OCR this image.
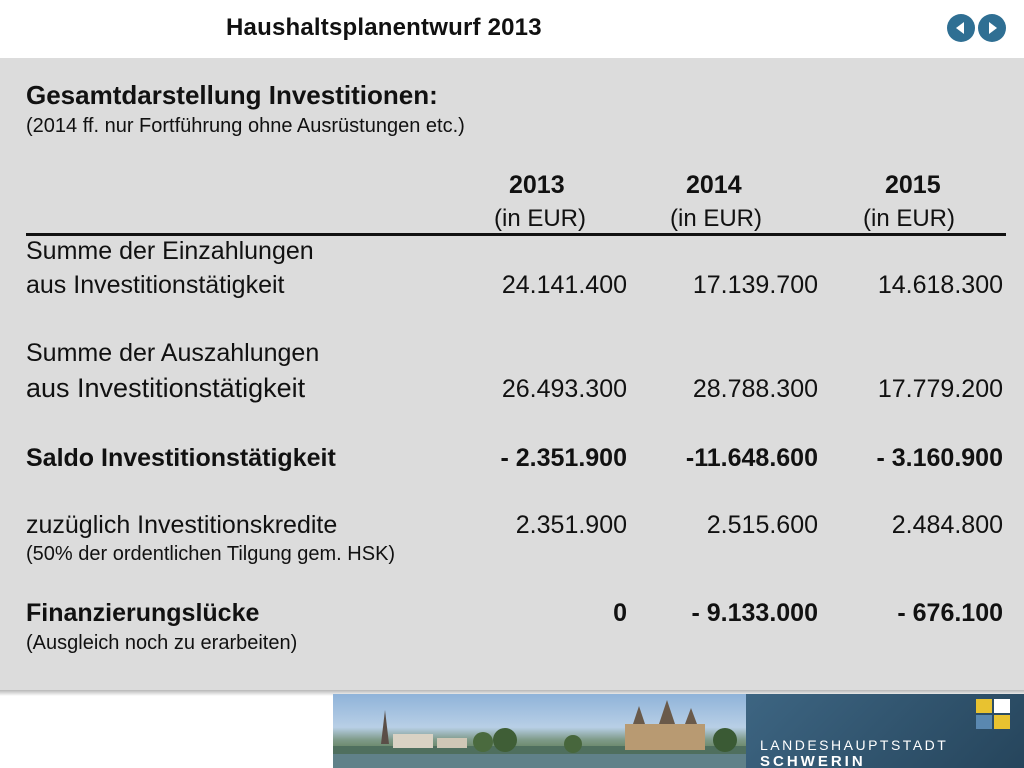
Haushaltsplanentwurf 2013
Gesamtdarstellung Investitionen:
(2014 ff. nur Fortführung ohne Ausrüstungen etc.)
2013	2014	2015
(in EUR)	(in EUR)	(in EUR)
Summe der Einzahlungen
aus Investitionstätigkeit	24.141.400	17.139.700	14.618.300
Summe der Auszahlungen
aus Investitionstätigkeit	26.493.300	28.788.300	17.779.200
Saldo Investitionstätigkeit	- 2.351.900	-11.648.600	- 3.160.900
zuzüglich Investitionskredite
(50% der ordentlichen Tilgung gem. HSK)
2.351.900	2.515.600	2.484.800
Finanzierungslücke
(Ausgleich noch zu erarbeiten)
0	- 9.133.000	- 676.100
LANDESHAUPTSTADT SCHWERIN
